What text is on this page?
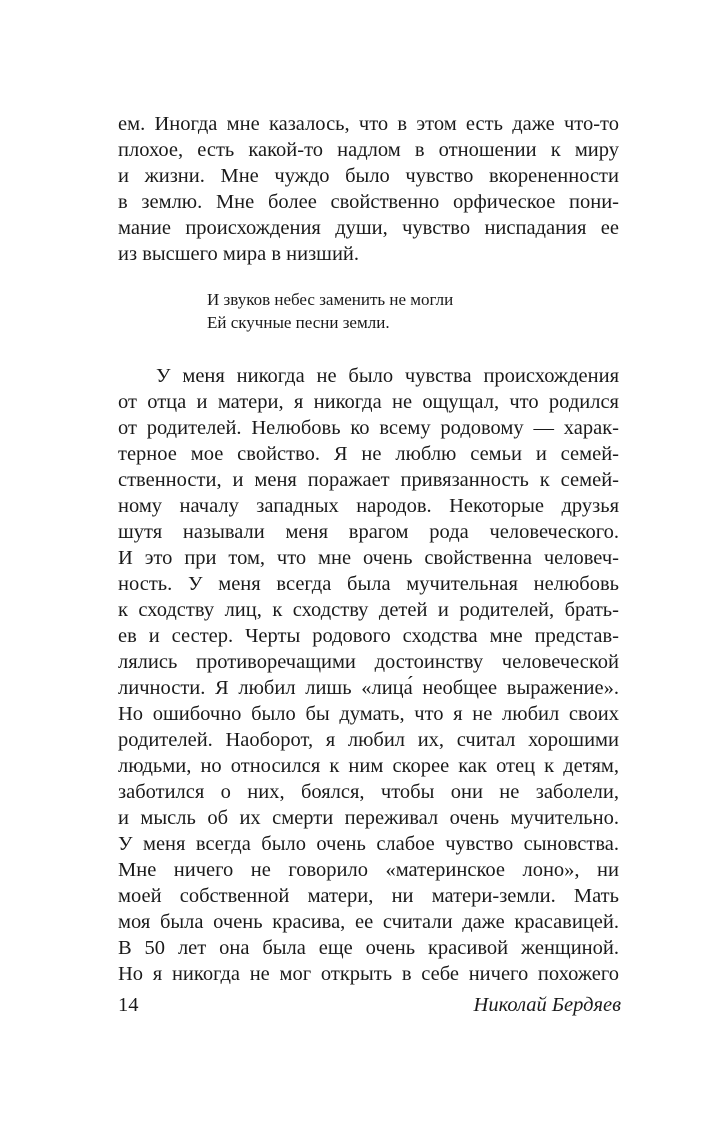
ем. Иногда мне казалось, что в этом есть даже что-то
плохое, есть какой-то надлом в отношении к миру
и жизни. Мне чуждо было чувство вкорененности
в землю. Мне более свойственно орфическое пони-
мание происхождения души, чувство ниспадания ее
из высшего мира в низший.
И звуков небес заменить не могли
Ей скучные песни земли.
У меня никогда не было чувства происхождения
от отца и матери, я никогда не ощущал, что родился
от родителей. Нелюбовь ко всему родовому — харак-
терное мое свойство. Я не люблю семьи и семей-
ственности, и меня поражает привязанность к семей-
ному началу западных народов. Некоторые друзья
шутя называли меня врагом рода человеческого.
И это при том, что мне очень свойственна человеч-
ность. У меня всегда была мучительная нелюбовь
к сходству лиц, к сходству детей и родителей, брать-
ев и сестер. Черты родового сходства мне представ-
лялись противоречащими достоинству человеческой
личности. Я любил лишь «лица́ необщее выражение».
Но ошибочно было бы думать, что я не любил своих
родителей. Наоборот, я любил их, считал хорошими
людьми, но относился к ним скорее как отец к детям,
заботился о них, боялся, чтобы они не заболели,
и мысль об их смерти переживал очень мучительно.
У меня всегда было очень слабое чувство сыновства.
Мне ничего не говорило «материнское лоно», ни
моей собственной матери, ни матери-земли. Мать
моя была очень красива, ее считали даже красавицей.
В 50 лет она была еще очень красивой женщиной.
Но я никогда не мог открыть в себе ничего похожего

14	Николай Бердяев
